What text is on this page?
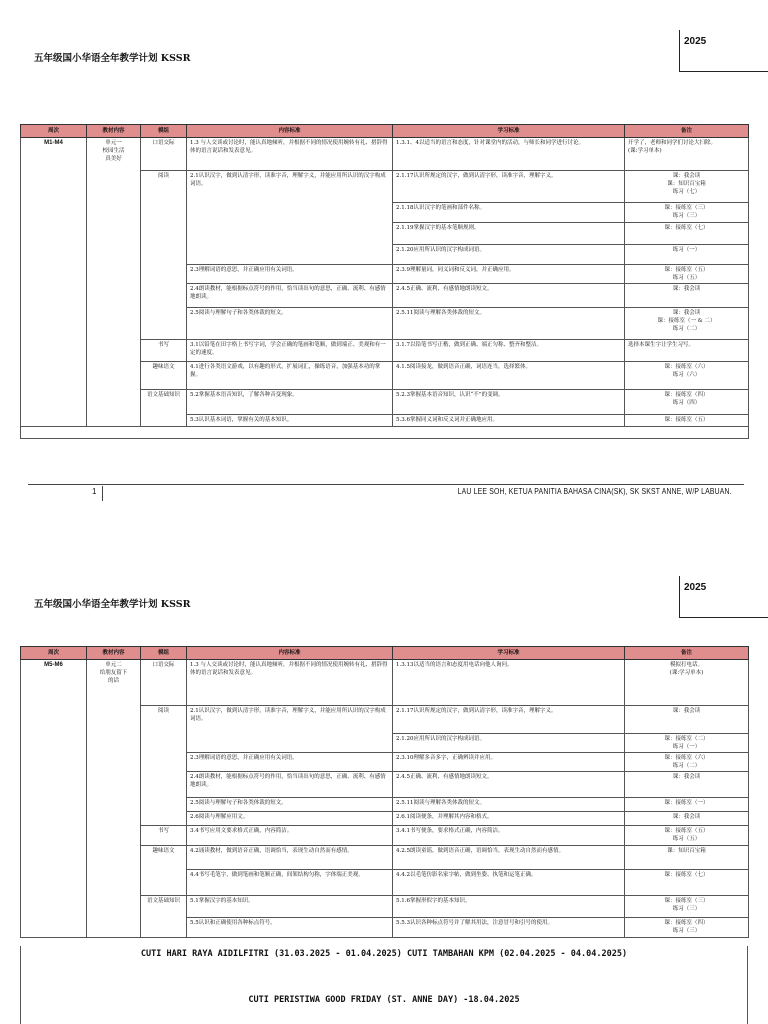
2025
五年级国小华语全年教学计划 KSSR
周次	教材内容	模组	内容标准	学习标准	备注
M1-M4	单元一
校园生活
真美好	口语交际	1.3 与人交谈或讨论时，能认真地倾听，并根据不同的情况使用婉转有礼、措辞得体的语言说话和发表意见。	1.3.1、4以适当的语言和态度，针对课堂内的活动，与师长和同学进行讨论。	开学了，老师和同学们讨论大扫除。
(课:学习单本)
		阅读	2.1认识汉字，做到认清字形，读准字音，理解字义，并能应用所认识的汉字构成词语。	2.1.17认识所规定的汉字，做到认清字形，读准字音，理解字义。	课：我会读
课：知识百宝箱
练习（七）
				2.1.18认识汉字的笔画和部件名称。	课：接练室（三）
练习（三）
				2.1.19掌握汉字的基本笔顺规则。	课：接练室（七）
				2.1.20应用所认识的汉字构成词语。	练习（一）
			2.3理解词语的意思，并正确应用有关词语。	2.3.9理解量词，同义词和反义词，并正确应用。	课：接练室（五）
练习（五）
			2.4朗读教材，能根据标点符号的作用，恰当读出句的意思，正确、流利、有感情地朗读。	2.4.5正确、流利、有感情地朗读短文。	课：我会读
			2.5阅读与理解句子和各类体裁的短文。	2.5.11阅读与理解各类体裁的短文。	课：我会读
课：接练室（一 & 二）
练习（二）
		书写	3.1以铅笔在田字格上书写字词，学会正确的笔画和笔顺，做到端正、美观和有一定的速度。	3.1.7以铅笔书写正楷，做到正确、端正匀称、整齐和整洁。	选择本课生字让学生习写。
		趣味语文	4.1进行各类语文游戏，以有趣的形式，扩展词汇，操练语音，加强基本功的掌握。	4.1.5阅读接龙，做到语音正确，词语连当，选择繁体。	课：接练室（六）
练习（六）
		语文基础知识	5.2掌握基本语音知识，了解各种音变现象。	5.2.3掌握基本语音知识，认识“不”的变调。	课：接练室（四）
练习（四）
			5.3认识基本词语，掌握有关的基本知识。	5.3.6掌握同义词和反义词并正确地应用。	课：接练室（五）

1	LAU LEE SOH, KETUA PANITIA BAHASA CINA(SK), SK SKST ANNE, W/P LABUAN.
2025
五年级国小华语全年教学计划 KSSR
周次	教材内容	模组	内容标准	学习标准	备注
M5-M6	单元二
给朋友留下
的话	口语交际	1.3 与人交谈或讨论时，能认真地倾听，并根据不同的情况使用婉转有礼、措辞得体的语言说话和发表意见。	1.3.13以适当的语言和态度用电话向他人询问。	模拟打电话。
(课:学习单本)
		阅读	2.1认识汉字，做到认清字形，读准字音，理解字义，并能应用所认识的汉字构成词语。	2.1.17认识所规定的汉字，做到认清字形，读准字音，理解字义。	课：我会读
				2.1.20应用所认识的汉字构成词语。	课：接练室（二）
练习（一）
			2.3理解词语的意思，并正确应用有关词语。	2.3.10理解多音多字，正确辨读并应用。	课：接练室（六）
练习（二）
			2.4朗读教材，能根据标点符号的作用，恰当读出句的意思，正确、流利、有感情地朗读。	2.4.5正确、流利、有感情地朗读短文。	课：我会读
			2.5阅读与理解句子和各类体裁的短文。	2.5.11阅读与理解各类体裁的短文。	课：接练室（一）
			2.6阅读与理解应用文。	2.6.1阅读便条，并理解其内容和格式。	课：我会读
		书写	3.4书写应用文要求格式正确，内容简洁。	3.4.1书写便条，要求格式正确，内容简洁。	课：接练室（五）
练习（五）
		趣味语文	4.2诵读教材，做到语音正确，语调恰当，表现生动自然而有感情。	4.2.5朗读童谣，做到语音正确，语调恰当，表现生动自然而有感情。	课：知识百宝箱
			4.4书写毛笔字，做到笔画和笔顺正确，间架结构匀称，字体端正美观。	4.4.2以毛笔仿影名家字帖，做到坐姿、执笔和运笔正确。	课：接练室（七）
		语文基础知识	5.1掌握汉字的基本知识。	5.1.6掌握形似字的基本知识。	课：接练室（三）
练习（三）
			5.5认识和正确使用各种标点符号。	5.5.3认识各种标点符号并了解其用法，注意冒号和引号的使用。	课：接练室（四）
练习（三）
CUTI HARI RAYA AIDILFITRI (31.03.2025 - 01.04.2025) CUTI TAMBAHAN KPM (02.04.2025 - 04.04.2025)
CUTI PERISTIWA GOOD FRIDAY (ST. ANNE DAY) -18.04.2025
